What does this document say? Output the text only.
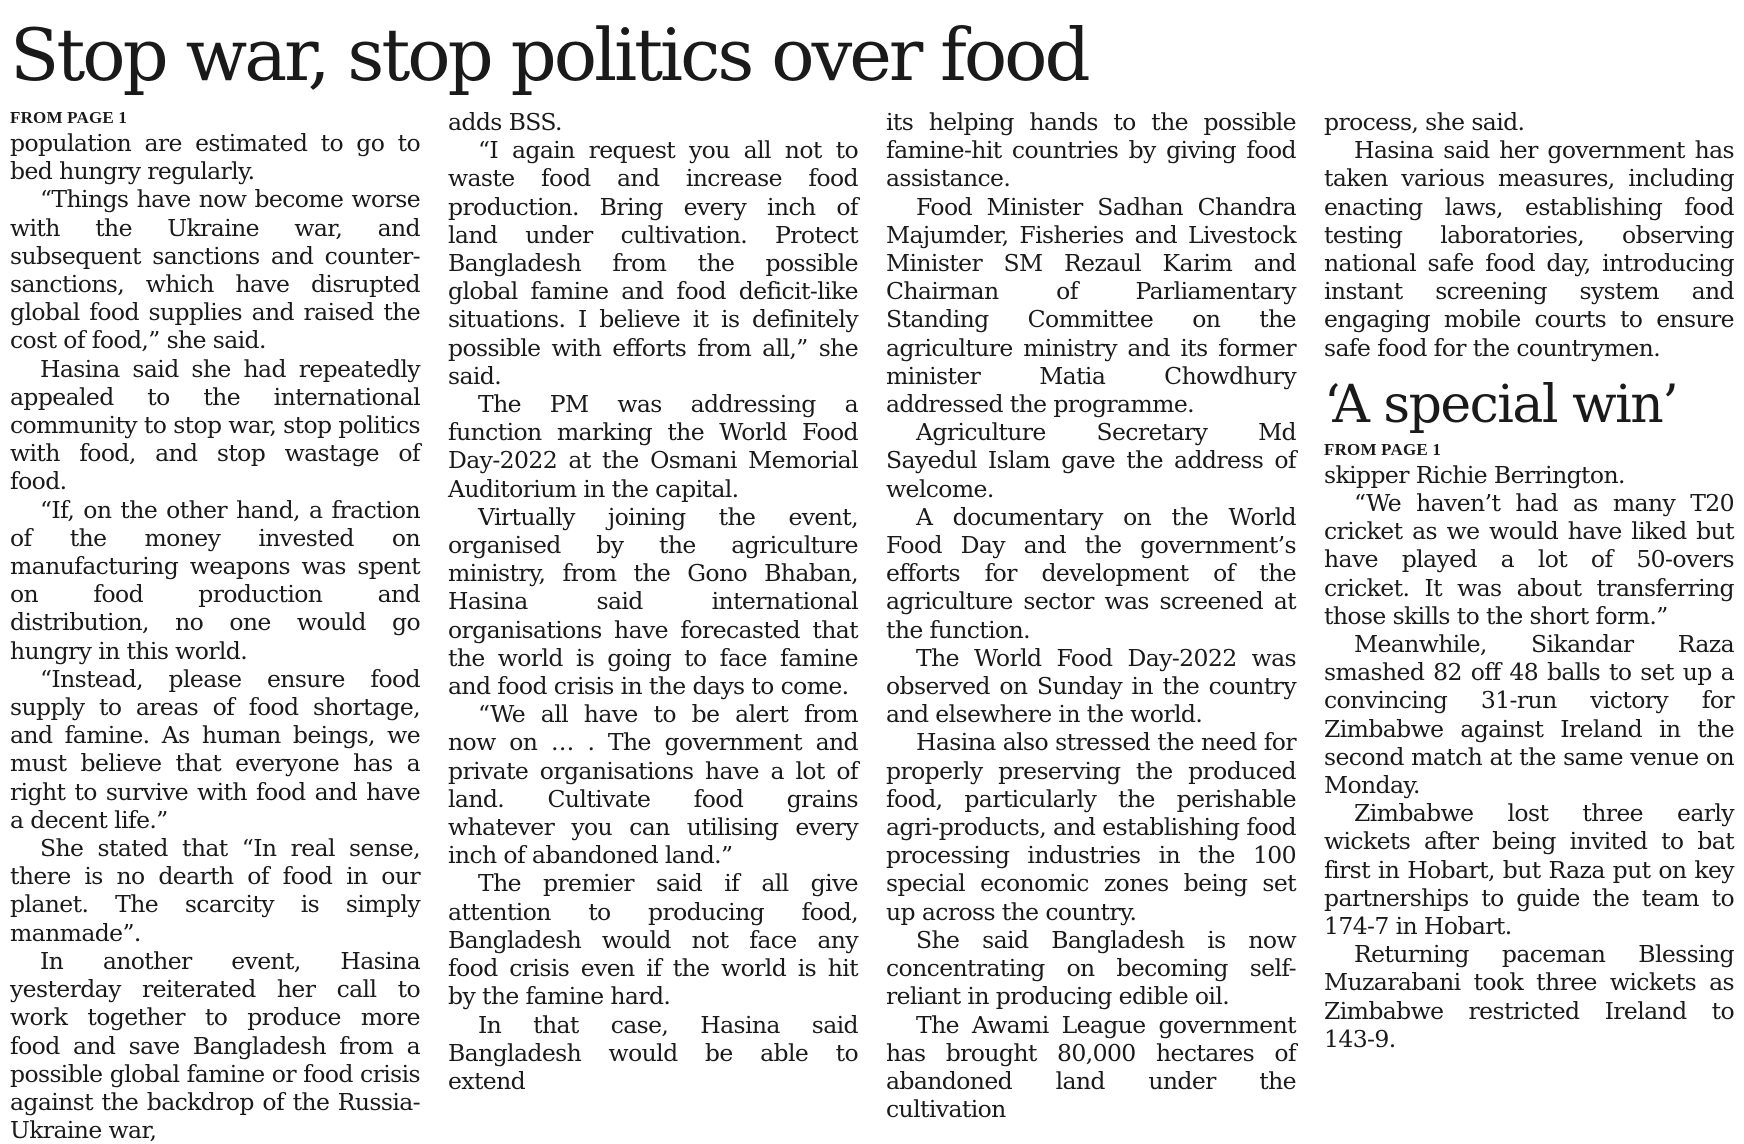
Stop war, stop politics over food
FROM PAGE 1

population are estimated to go to bed hungry regularly.

“Things have now become worse with the Ukraine war, and subsequent sanctions and counter-sanctions, which have disrupted global food supplies and raised the cost of food,” she said.

Hasina said she had repeatedly appealed to the international community to stop war, stop politics with food, and stop wastage of food.

“If, on the other hand, a fraction of the money invested on manufacturing weapons was spent on food production and distribution, no one would go hungry in this world.

“Instead, please ensure food supply to areas of food shortage, and famine. As human beings, we must believe that everyone has a right to survive with food and have a decent life.”

She stated that “In real sense, there is no dearth of food in our planet. The scarcity is simply manmade”.

In another event, Hasina yesterday reiterated her call to work together to produce more food and save Bangladesh from a possible global famine or food crisis against the backdrop of the Russia-Ukraine war,

adds BSS.

“I again request you all not to waste food and increase food production. Bring every inch of land under cultivation. Protect Bangladesh from the possible global famine and food deficit-like situations. I believe it is definitely possible with efforts from all,” she said.

The PM was addressing a function marking the World Food Day-2022 at the Osmani Memorial Auditorium in the capital.

Virtually joining the event, organised by the agriculture ministry, from the Gono Bhaban, Hasina said international organisations have forecasted that the world is going to face famine and food crisis in the days to come.

“We all have to be alert from now on … . The government and private organisations have a lot of land. Cultivate food grains whatever you can utilising every inch of abandoned land.”

The premier said if all give attention to producing food, Bangladesh would not face any food crisis even if the world is hit by the famine hard.

In that case, Hasina said Bangladesh would be able to extend

its helping hands to the possible famine-hit countries by giving food assistance.

Food Minister Sadhan Chandra Majumder, Fisheries and Livestock Minister SM Rezaul Karim and Chairman of Parliamentary Standing Committee on the agriculture ministry and its former minister Matia Chowdhury addressed the programme.

Agriculture Secretary Md Sayedul Islam gave the address of welcome.

A documentary on the World Food Day and the government’s efforts for development of the agriculture sector was screened at the function.

The World Food Day-2022 was observed on Sunday in the country and elsewhere in the world.

Hasina also stressed the need for properly preserving the produced food, particularly the perishable agri-products, and establishing food processing industries in the 100 special economic zones being set up across the country.

She said Bangladesh is now concentrating on becoming self-reliant in producing edible oil.

The Awami League government has brought 80,000 hectares of abandoned land under the cultivation

process, she said.

Hasina said her government has taken various measures, including enacting laws, establishing food testing laboratories, observing national safe food day, introducing instant screening system and engaging mobile courts to ensure safe food for the countrymen.

‘A special win’
FROM PAGE 1

skipper Richie Berrington.

“We haven’t had as many T20 cricket as we would have liked but have played a lot of 50-overs cricket. It was about transferring those skills to the short form.”

Meanwhile, Sikandar Raza smashed 82 off 48 balls to set up a convincing 31-run victory for Zimbabwe against Ireland in the second match at the same venue on Monday.

Zimbabwe lost three early wickets after being invited to bat first in Hobart, but Raza put on key partnerships to guide the team to 174-7 in Hobart.

Returning paceman Blessing Muzarabani took three wickets as Zimbabwe restricted Ireland to 143-9.
